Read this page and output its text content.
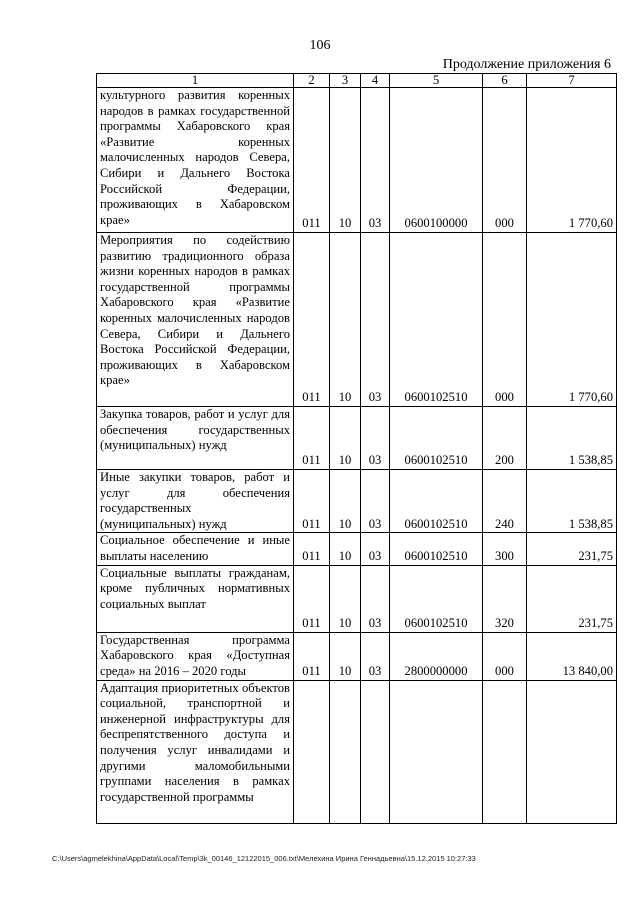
106
Продолжение приложения 6
1	2	3	4	5	6	7

культурного развития коренных народов в рамках государственной программы Хабаровского края «Развитие коренных малочисленных народов Севера, Сибири и Дальнего Востока Российской Федерации, проживающих в Хабаровском крае»	011	10	03	0600100000	000	1 770,60

Мероприятия по содействию развитию традиционного образа жизни коренных народов в рамках государственной программы Хабаровского края «Развитие коренных малочисленных народов Севера, Сибири и Дальнего Востока Российской Федерации, проживающих в Хабаровском крае»	011	10	03	0600102510	000	1 770,60

Закупка товаров, работ и услуг для обеспечения государственных (муниципальных) нужд	011	10	03	0600102510	200	1 538,85

Иные закупки товаров, работ и услуг для обеспечения государственных (муниципальных) нужд	011	10	03	0600102510	240	1 538,85

Социальное обеспечение и иные выплаты населению	011	10	03	0600102510	300	231,75

Социальные выплаты гражданам, кроме публичных нормативных социальных выплат	011	10	03	0600102510	320	231,75

Государственная программа Хабаровского края «Доступная среда» на 2016 – 2020 годы	011	10	03	2800000000	000	13 840,00

Адаптация приоритетных объектов социальной, транспортной и инженерной инфраструктуры для беспрепятственного доступа и получения услуг инвалидами и другими маломобильными группами населения в рамках государственной программы						

C:\Users\agmelekhina\AppData\Local\Temp\3k_00146_12122015_006.txt\Мелехина Ирина Геннадьевна\15.12.2015 10:27:33
